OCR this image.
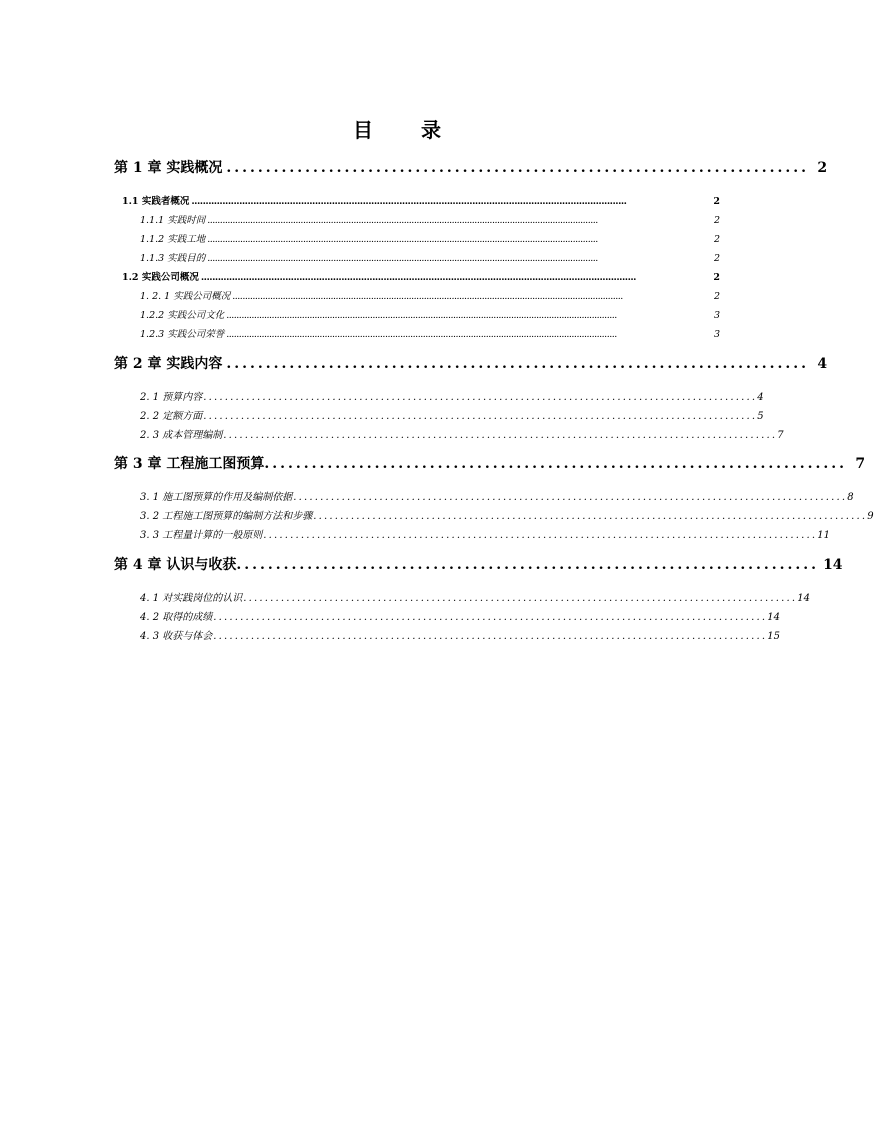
目 录
第 1 章 实践概况 .......................................................................... 2
1.1 实践者概况 ...........................................................................................................................................................	2
1.1.1 实践时间 ...........................................................................................................................................................	2
1.1.2 实践工地 ...........................................................................................................................................................	2
1.1.3 实践目的 ...........................................................................................................................................................	2
1.2 实践公司概况 ...........................................................................................................................................................	2
1. 2. 1 实践公司概况 ...........................................................................................................................................................	2
1.2.2 实践公司文化 ...........................................................................................................................................................	3
1.2.3 实践公司荣誉 ...........................................................................................................................................................	3
第 2 章 实践内容 .......................................................................... 4
2. 1 预算内容 ....................................................................................................... 4
2. 2 定额方面 ....................................................................................................... 5
2. 3 成本管理编制 ....................................................................................................... 7
第 3 章 工程施工图预算 .......................................................................... 7
3. 1 施工图预算的作用及编制依据 ....................................................................................................... 8
3. 2 工程施工图预算的编制方法和步骤 ....................................................................................................... 9
3. 3 工程量计算的一般原则 ....................................................................................................... 11
第 4 章 认识与收获 .......................................................................... 14
4. 1 对实践岗位的认识 ....................................................................................................... 14
4. 2 取得的成绩 ....................................................................................................... 14
4. 3 收获与体会 ....................................................................................................... 15
